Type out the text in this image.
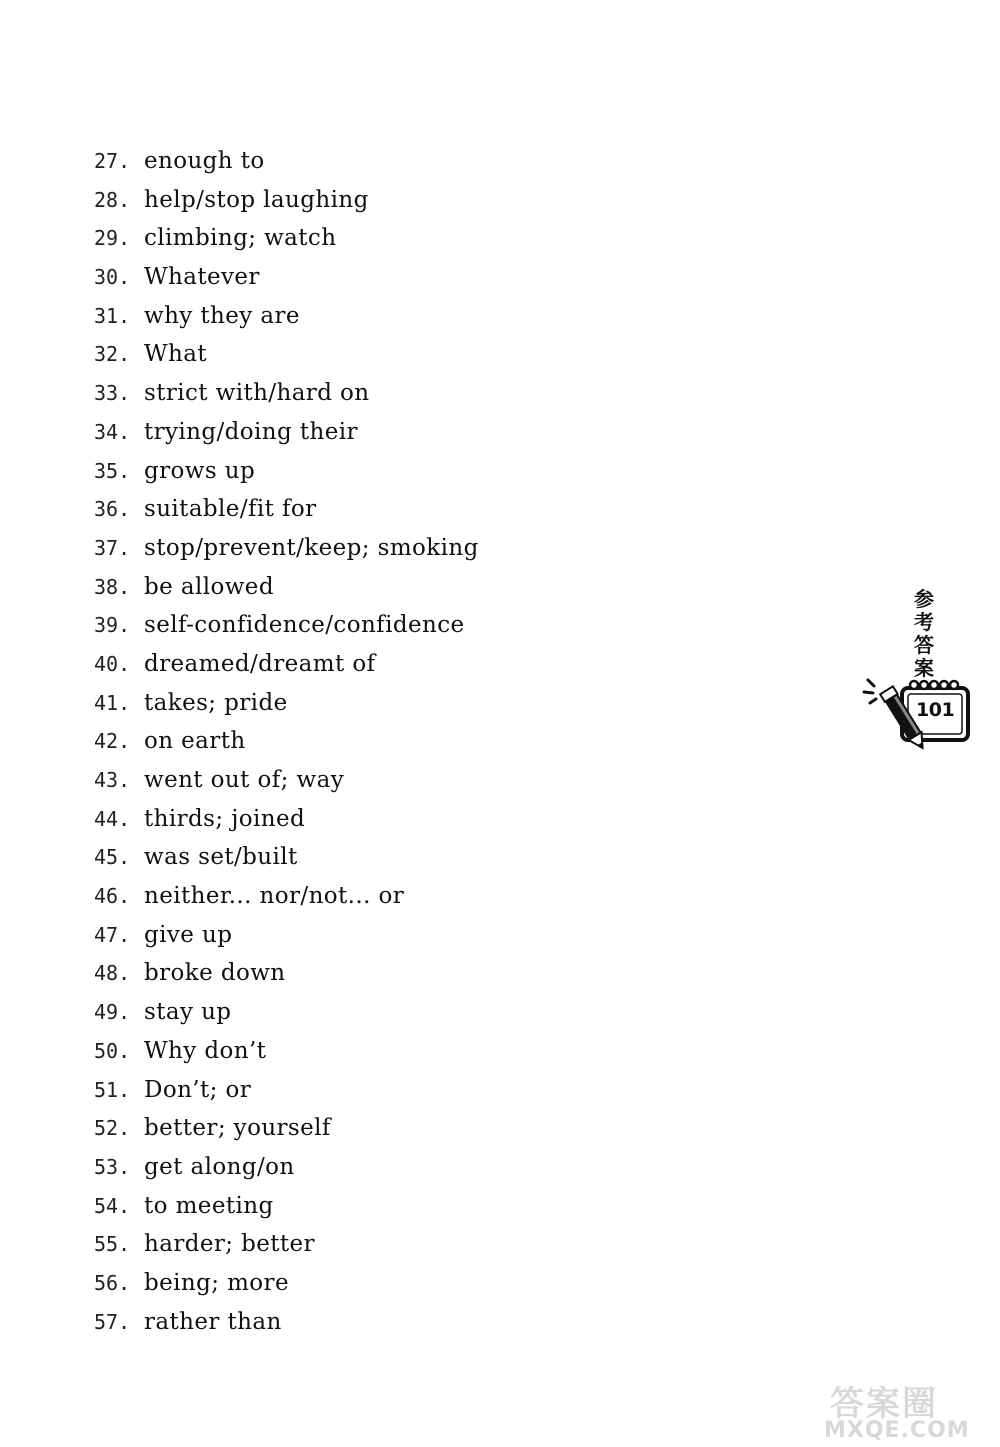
27. enough to
28. help/stop laughing
29. climbing; watch
30. Whatever
31. why they are
32. What
33. strict with/hard on
34. trying/doing their
35. grows up
36. suitable/fit for
37. stop/prevent/keep; smoking
38. be allowed
39. self-confidence/confidence
40. dreamed/dreamt of
41. takes; pride
42. on earth
43. went out of; way
44. thirds; joined
45. was set/built
46. neither... nor/not... or
47. give up
48. broke down
49. stay up
50. Why don’t
51. Don’t; or
52. better; yourself
53. get along/on
54. to meeting
55. harder; better
56. being; more
57. rather than
参
考
答
案
101
答案圈
MXQE.COM
